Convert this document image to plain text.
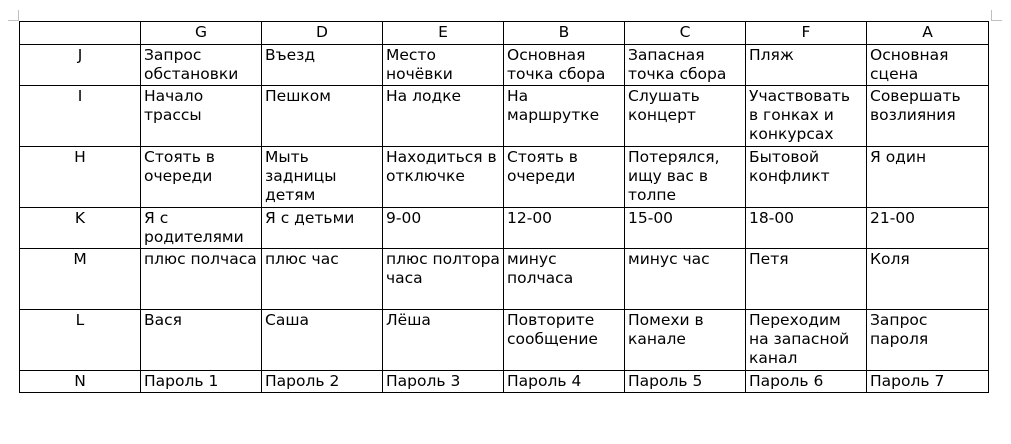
	G	D	E	B	C	F	A
J	Запрос обстановки	Въезд	Место ночёвки	Основная точка сбора	Запасная точка сбора	Пляж	Основная сцена
I	Начало трассы	Пешком	На лодке	На маршрутке	Слушать концерт	Участвовать в гонках и конкурсах	Совершать возлияния
H	Стоять в очереди	Мыть задницы детям	Находиться в отключке	Стоять в очереди	Потерялся, ищу вас в толпе	Бытовой конфликт	Я один
K	Я с родителями	Я с детьми	9-00	12-00	15-00	18-00	21-00
M	плюс полчаса	плюс час	плюс полтора часа	минус полчаса	минус час	Петя	Коля
L	Вася	Саша	Лёша	Повторите сообщение	Помехи в канале	Переходим на запасной канал	Запрос пароля
N	Пароль 1	Пароль 2	Пароль 3	Пароль 4	Пароль 5	Пароль 6	Пароль 7
